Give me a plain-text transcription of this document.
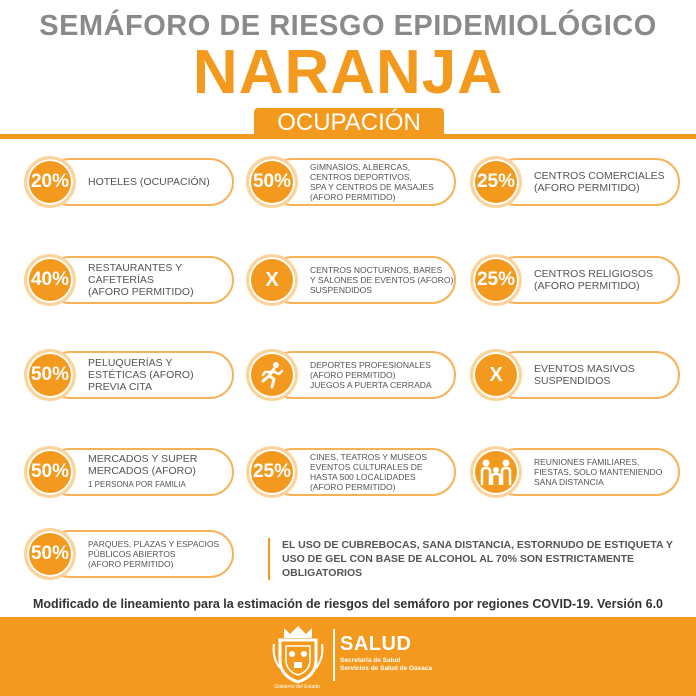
SEMÁFORO DE RIESGO EPIDEMIOLÓGICO
NARANJA
OCUPACIÓN
20%	HOTELES (OCUPACIÓN)	50%
GIMNASIOS, ALBERCAS,
CENTROS DEPORTIVOS,
SPA Y CENTROS DE MASAJES
(AFORO PERMITIDO)
25%	CENTROS COMERCIALES
(AFORO PERMITIDO)
40%
RESTAURANTES Y
CAFETERÍAS
(AFORO PERMITIDO)
X	CENTROS NOCTURNOS, BARES
Y SALONES DE EVENTOS (AFORO)
SUSPENDIDOS	25%	CENTROS RELIGIOSOS
(AFORO PERMITIDO)
50%
PELUQUERÍAS Y
ESTÉTICAS (AFORO)
PREVIA CITA
DEPORTES PROFESIONALES
(AFORO PERMITIDO)
JUEGOS A PUERTA CERRADA	X	EVENTOS MASIVOS
SUSPENDIDOS
50%
MERCADOS Y SUPER
MERCADOS (AFORO)
1 PERSONA POR FAMILIA
25%
CINES, TEATROS Y MUSEOS
EVENTOS CULTURALES DE
HASTA 500 LOCALIDADES
(AFORO PERMITIDO)
REUNIONES FAMILIARES,
FIESTAS, SOLO MANTENIENDO
SANA DISTANCIA
50%	PARQUES, PLAZAS Y ESPACIOS
PÚBLICOS ABIERTOS
(AFORO PERMITIDO)
EL USO DE CUBREBOCAS, SANA DISTANCIA, ESTORNUDO DE ESTIQUETA Y USO DE GEL CON BASE DE ALCOHOL AL 70% SON ESTRICTAMENTE OBLIGATORIOS
Modificado de lineamiento para la estimación de riesgos del semáforo por regiones COVID-19. Versión 6.0
Gobierno del Estado
SALUD
Secretaría de Salud
Servicios de Salud de Oaxaca
